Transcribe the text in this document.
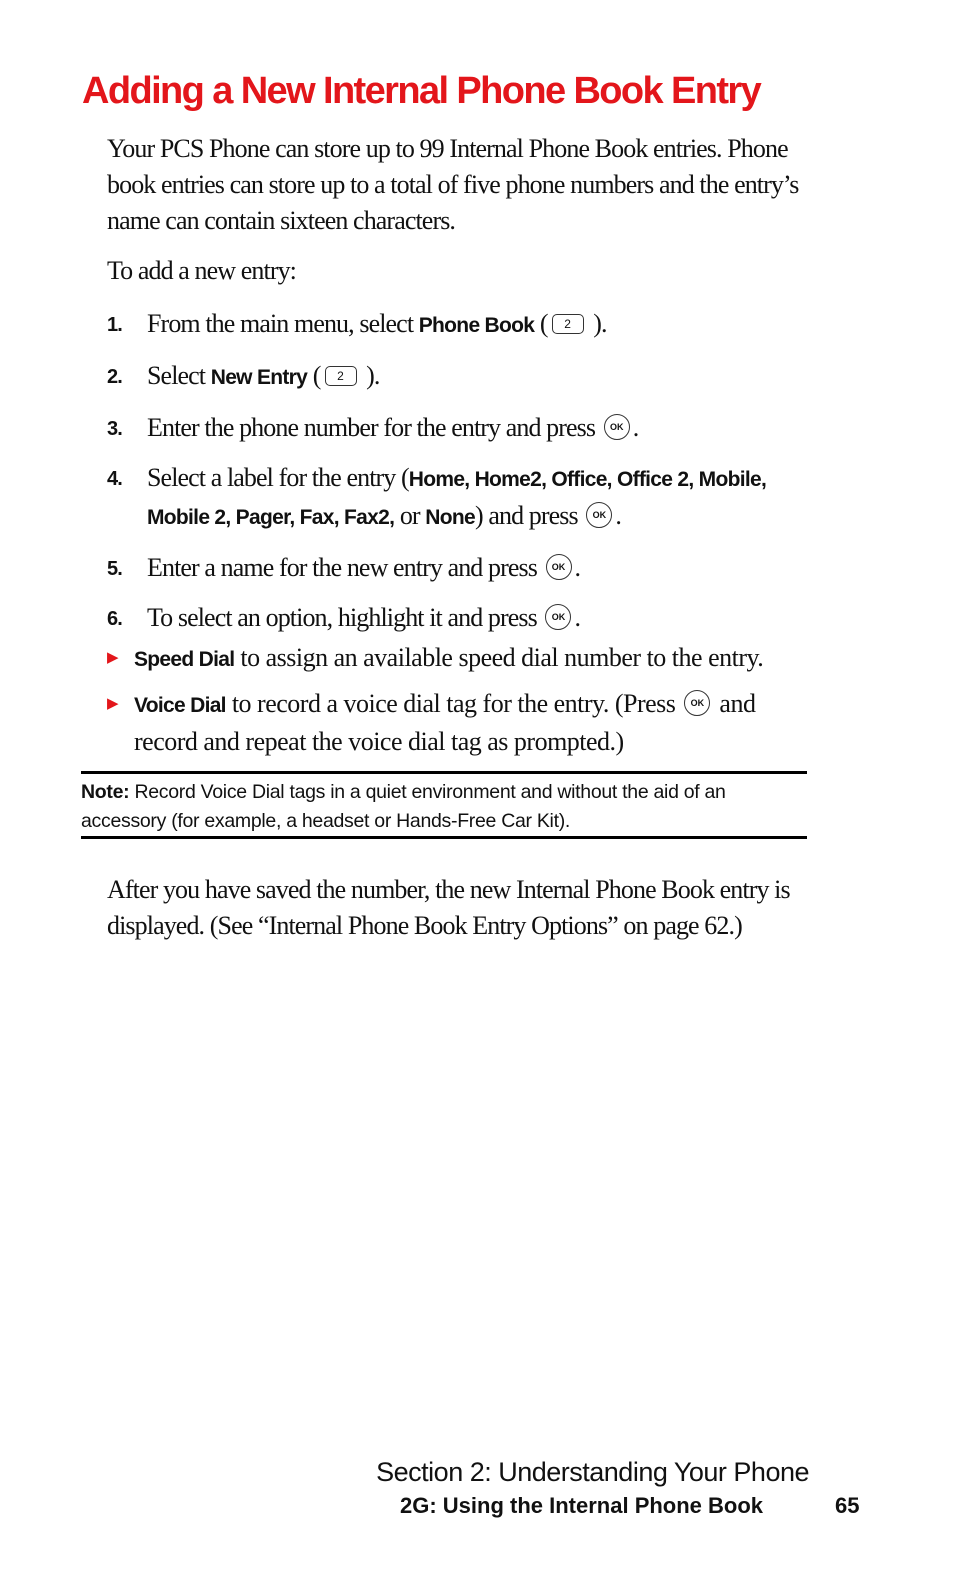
Adding a New Internal Phone Book Entry

Your PCS Phone can store up to 99 Internal Phone Book entries. Phone book entries can store up to a total of five phone numbers and the entry’s name can contain sixteen characters.

To add a new entry:

1. From the main menu, select Phone Book ( 2 ).
2. Select New Entry ( 2 ).
3. Enter the phone number for the entry and press OK .
4. Select a label for the entry (Home, Home2, Office, Office 2, Mobile, Mobile 2, Pager, Fax, Fax2, or None) and press OK .
5. Enter a name for the new entry and press OK .
6. To select an option, highlight it and press OK .
▶ Speed Dial to assign an available speed dial number to the entry.
▶ Voice Dial to record a voice dial tag for the entry. (Press OK and record and repeat the voice dial tag as prompted.)
Note: Record Voice Dial tags in a quiet environment and without the aid of an accessory (for example, a headset or Hands-Free Car Kit).

After you have saved the number, the new Internal Phone Book entry is displayed. (See “Internal Phone Book Entry Options” on page 62.)

Section 2: Understanding Your Phone
2G: Using the Internal Phone Book	65
